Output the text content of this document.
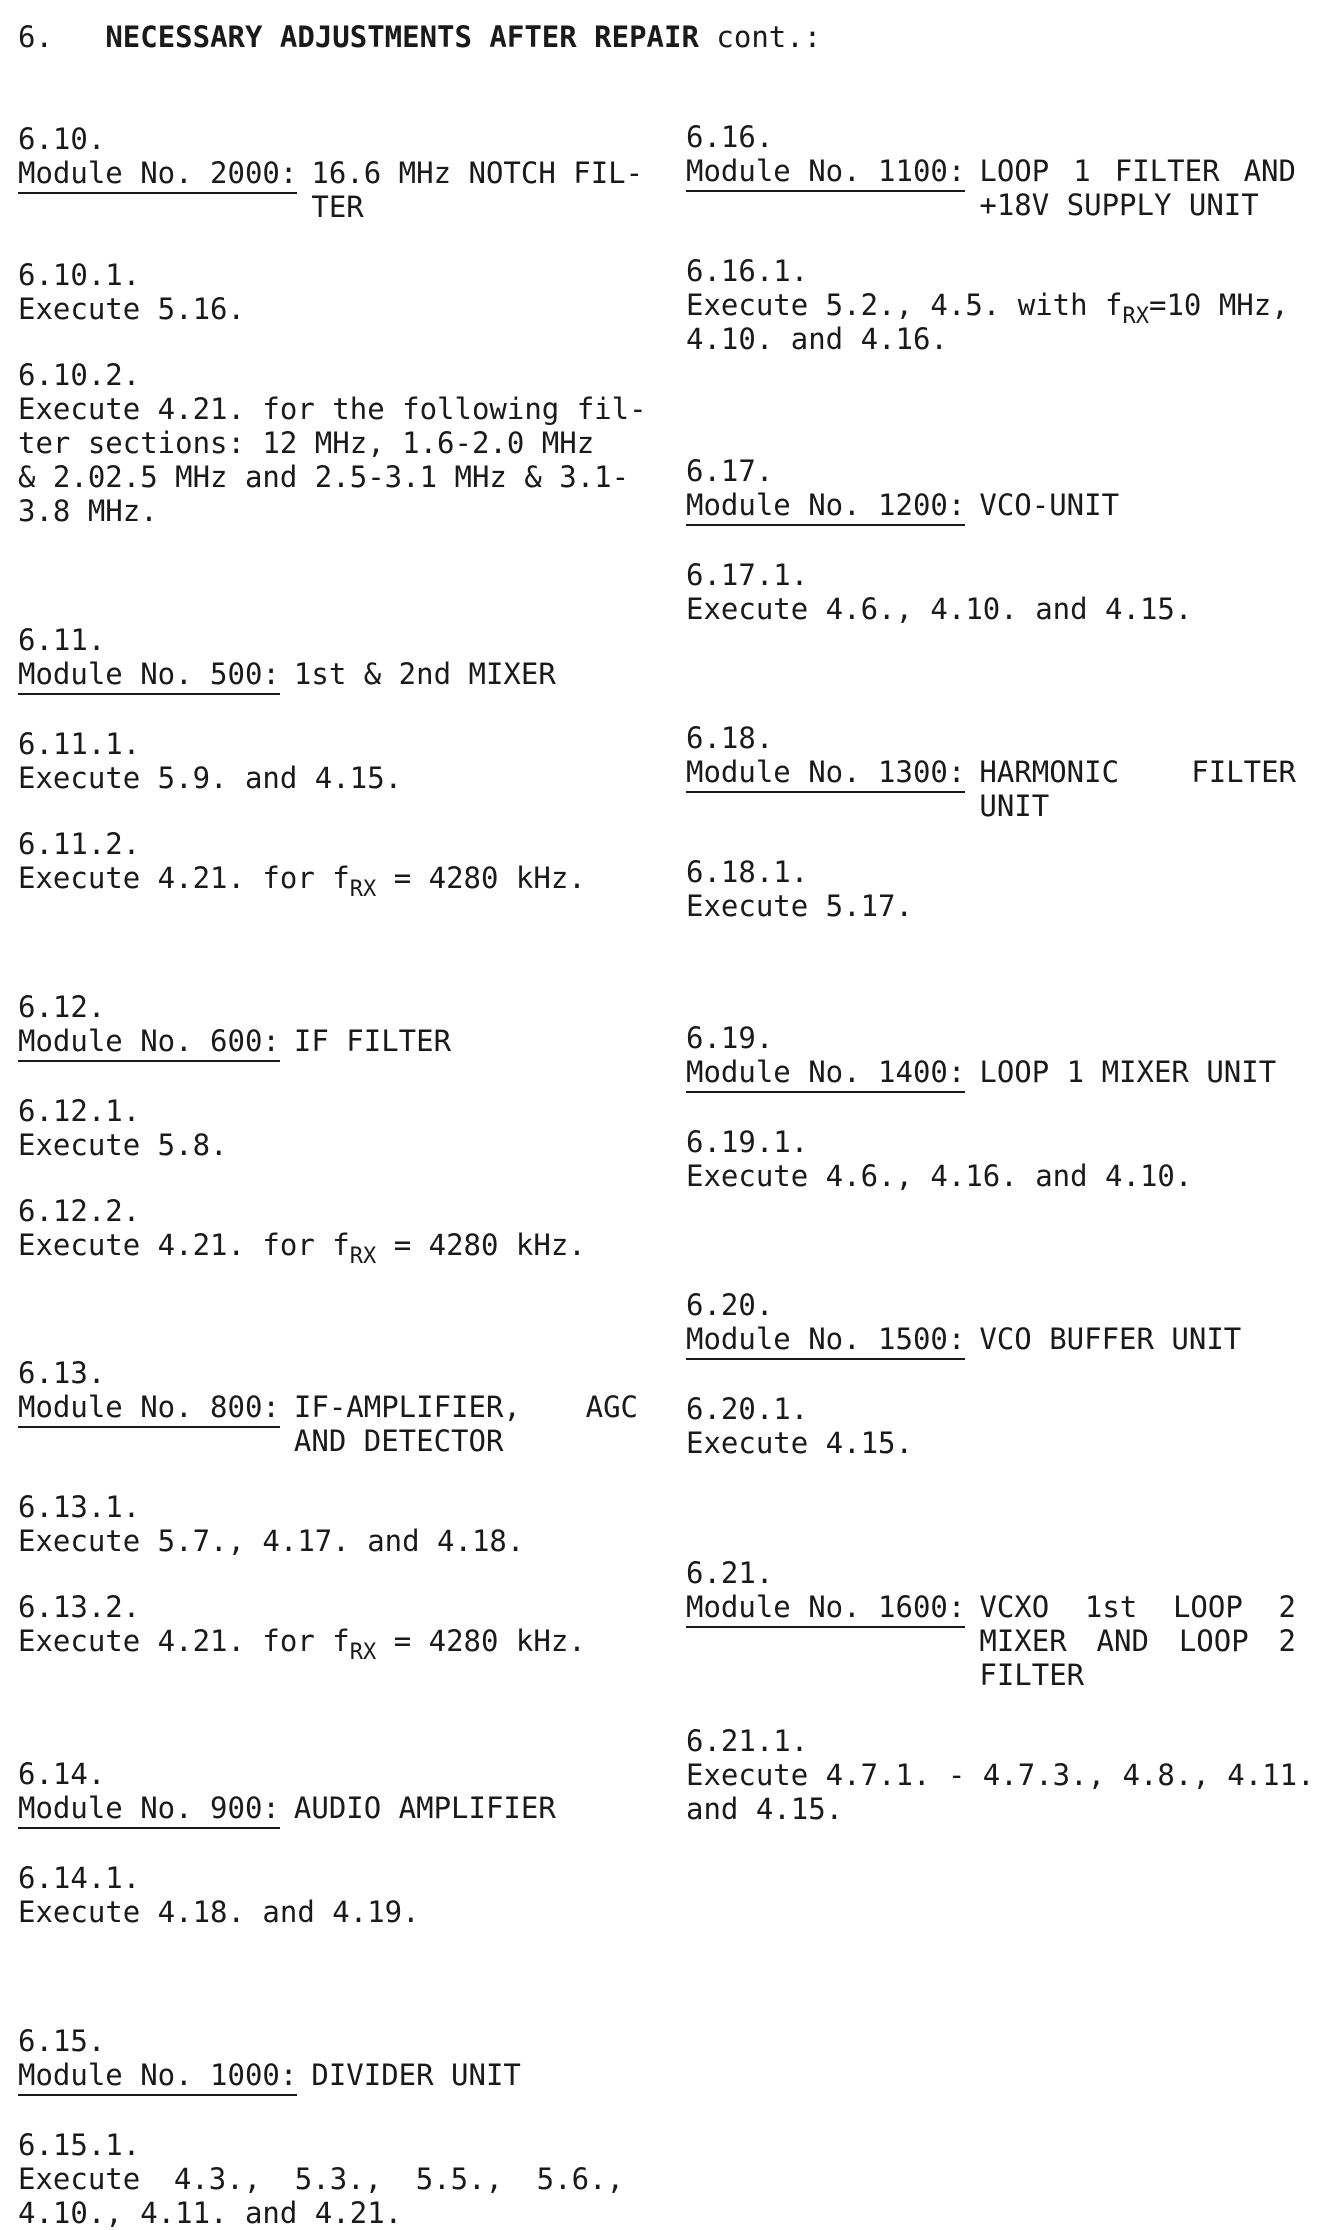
6. NECESSARY ADJUSTMENTS AFTER REPAIR cont.:
6.10.
Module No. 2000: 16.6 MHz NOTCH FIL-
TER
6.10.1.
Execute 5.16.
6.10.2.
Execute 4.21. for the following fil-
ter sections: 12 MHz, 1.6-2.0 MHz
& 2.02.5 MHz and 2.5-3.1 MHz & 3.1-
3.8 MHz.
6.11.
Module No. 500: 1st & 2nd MIXER
6.11.1.
Execute 5.9. and 4.15.
6.11.2.
Execute 4.21. for $f_{RX} = 4280$ kHz.
6.12.
Module No. 600: IF FILTER
6.12.1.
Execute 5.8.
6.12.2.
Execute 4.21. for $f_{RX} = 4280$ kHz.
6.13.
Module No. 800: IF-AMPLIFIER, AGC
AND DETECTOR
6.13.1.
Execute 5.7., 4.17. and 4.18.
6.13.2.
Execute 4.21. for $f_{RX} = 4280$ kHz.
6.14.
Module No. 900: AUDIO AMPLIFIER
6.14.1.
Execute 4.18. and 4.19.
6.15.
Module No. 1000: DIVIDER UNIT
6.15.1.
Execute 4.3., 5.3., 5.5., 5.6.,
4.10., 4.11. and 4.21.
6.16.
Module No. 1100: LOOP 1 FILTER AND
+18V SUPPLY UNIT
6.16.1.
Execute 5.2., 4.5. with $f_{RX}=10$ MHz,
4.10. and 4.16.
6.17.
Module No. 1200: VCO-UNIT
6.17.1.
Execute 4.6., 4.10. and 4.15.
6.18.
Module No. 1300: HARMONIC FILTER
UNIT
6.18.1.
Execute 5.17.
6.19.
Module No. 1400: LOOP 1 MIXER UNIT
6.19.1.
Execute 4.6., 4.16. and 4.10.
6.20.
Module No. 1500: VCO BUFFER UNIT
6.20.1.
Execute 4.15.
6.21.
Module No. 1600: VCXO 1st LOOP 2
MIXER AND LOOP 2
FILTER
6.21.1.
Execute 4.7.1. - 4.7.3., 4.8., 4.11.
and 4.15.
